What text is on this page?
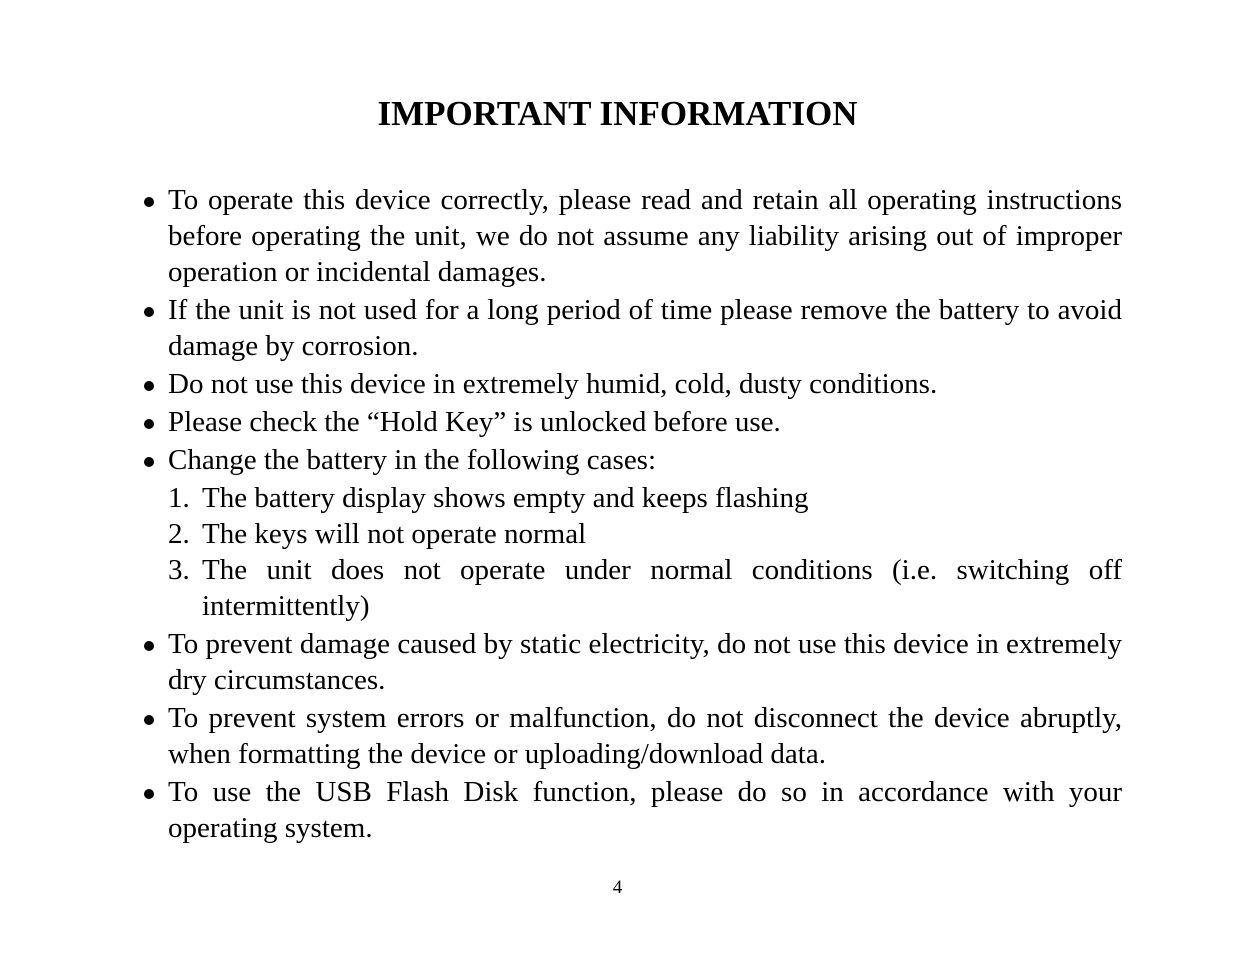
IMPORTANT INFORMATION
To operate this device correctly, please read and retain all operating instructions before operating the unit, we do not assume any liability arising out of improper operation or incidental damages.
If the unit is not used for a long period of time please remove the battery to avoid damage by corrosion.
Do not use this device in extremely humid, cold, dusty conditions.
Please check the “Hold Key” is unlocked before use.
Change the battery in the following cases:
1. The battery display shows empty and keeps flashing
2. The keys will not operate normal
3. The unit does not operate under normal conditions (i.e. switching off intermittently)
To prevent damage caused by static electricity, do not use this device in extremely dry circumstances.
To prevent system errors or malfunction, do not disconnect the device abruptly, when formatting the device or uploading/download data.
To use the USB Flash Disk function, please do so in accordance with your operating system.
4
